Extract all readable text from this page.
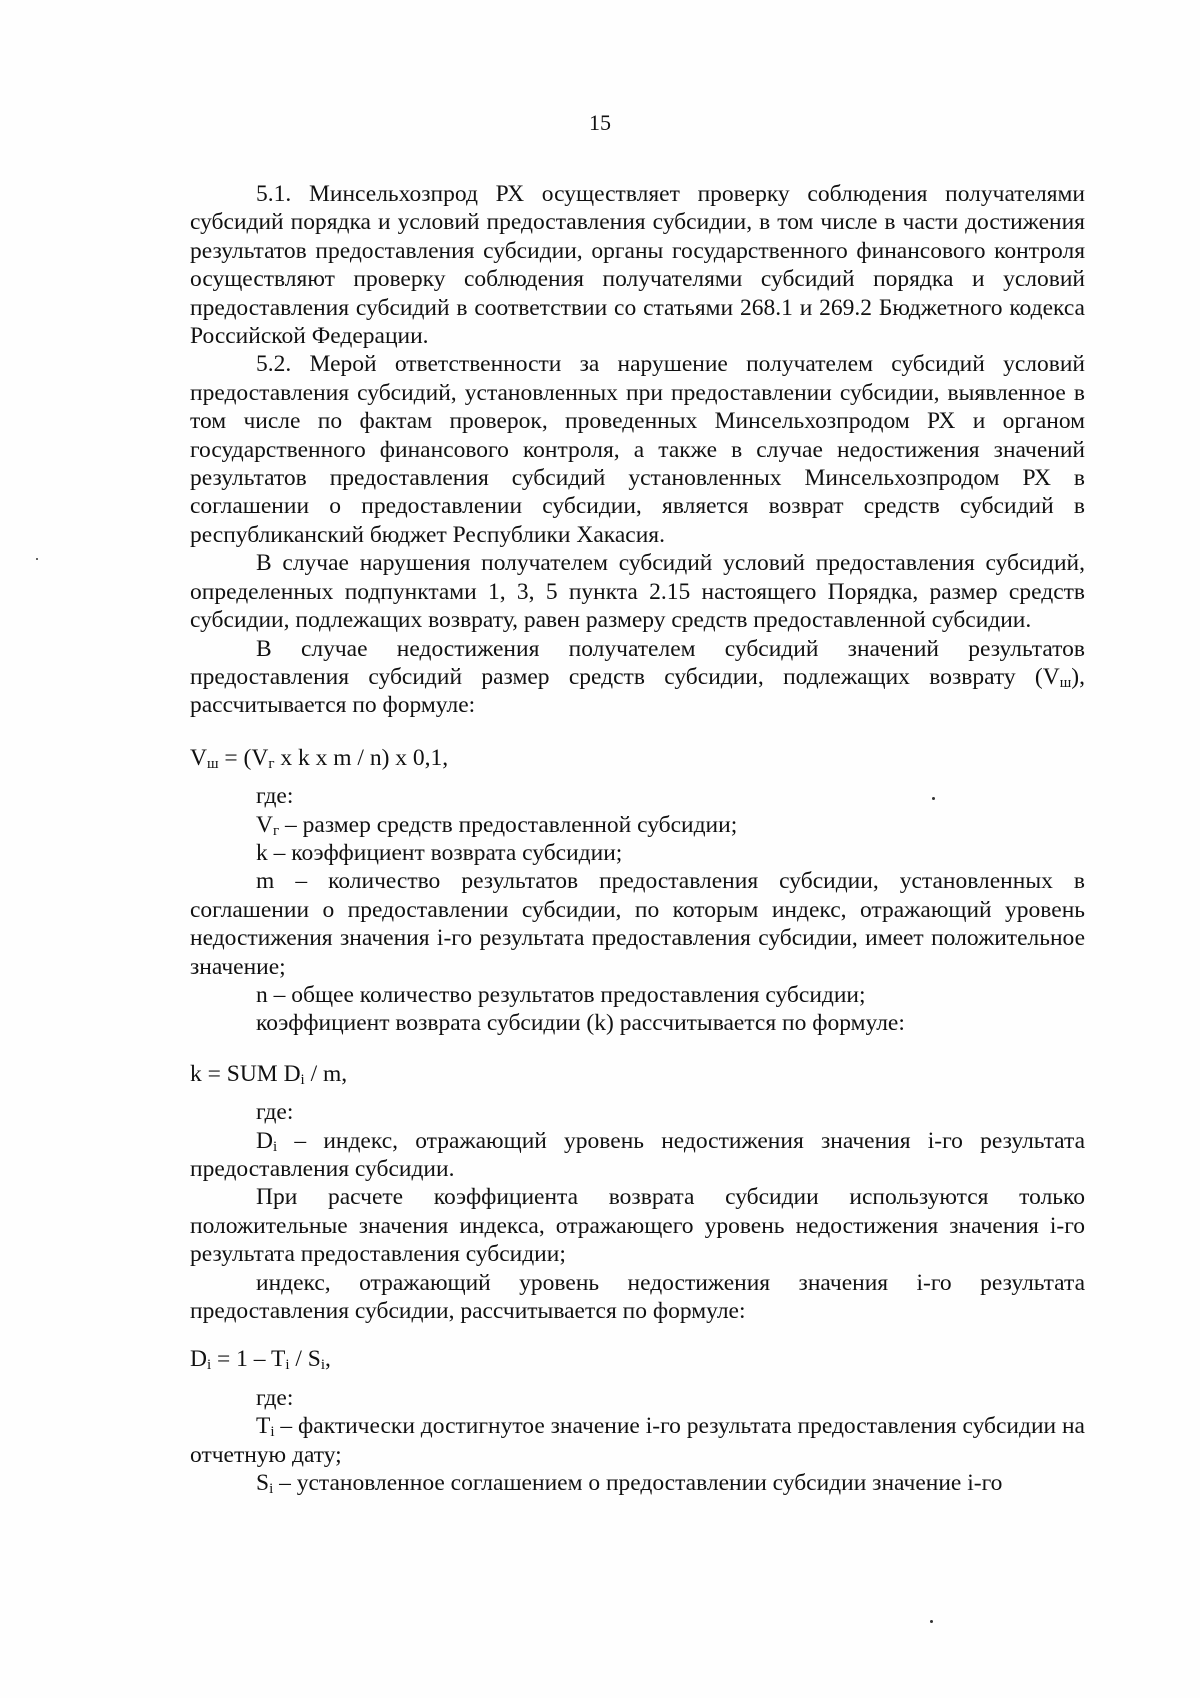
15

5.1. Минсельхозпрод РХ осуществляет проверку соблюдения получателями субсидий порядка и условий предоставления субсидии, в том числе в части достижения результатов предоставления субсидии, органы государственного финансового контроля осуществляют проверку соблюдения получателями субсидий порядка и условий предоставления субсидий в соответствии со статьями 268.1 и 269.2 Бюджетного кодекса Российской Федерации.

5.2. Мерой ответственности за нарушение получателем субсидий условий предоставления субсидий, установленных при предоставлении субсидии, выявленное в том числе по фактам проверок, проведенных Минсельхозпродом РХ и органом государственного финансового контроля, а также в случае недостижения значений результатов предоставления субсидий установленных Минсельхозпродом РХ в соглашении о предоставлении субсидии, является возврат средств субсидий в республиканский бюджет Республики Хакасия.

В случае нарушения получателем субсидий условий предоставления субсидий, определенных подпунктами 1, 3, 5 пункта 2.15 настоящего Порядка, размер средств субсидии, подлежащих возврату, равен размеру средств предоставленной субсидии.

В случае недостижения получателем субсидий значений результатов предоставления субсидий размер средств субсидии, подлежащих возврату $(V_ш)$, рассчитывается по формуле:

$V_ш = (V_г$ x k x m / n) x 0,1,

где:

$V_г$ – размер средств предоставленной субсидии;

k – коэффициент возврата субсидии;

m – количество результатов предоставления субсидии, установленных в соглашении о предоставлении субсидии, по которым индекс, отражающий уровень недостижения значения i-го результата предоставления субсидии, имеет положительное значение;

n – общее количество результатов предоставления субсидии;

коэффициент возврата субсидии (k) рассчитывается по формуле:

k = SUM $D_i$ / m,

где:

$D_i$ – индекс, отражающий уровень недостижения значения i-го результата предоставления субсидии.

При расчете коэффициента возврата субсидии используются только положительные значения индекса, отражающего уровень недостижения значения i-го результата предоставления субсидии;

индекс, отражающий уровень недостижения значения i-го результата предоставления субсидии, рассчитывается по формуле:

$D_i = 1 - T_i / S_i$,

где:

$T_i$ – фактически достигнутое значение i-го результата предоставления субсидии на отчетную дату;

$S_i$ – установленное соглашением о предоставлении субсидии значение i-го
